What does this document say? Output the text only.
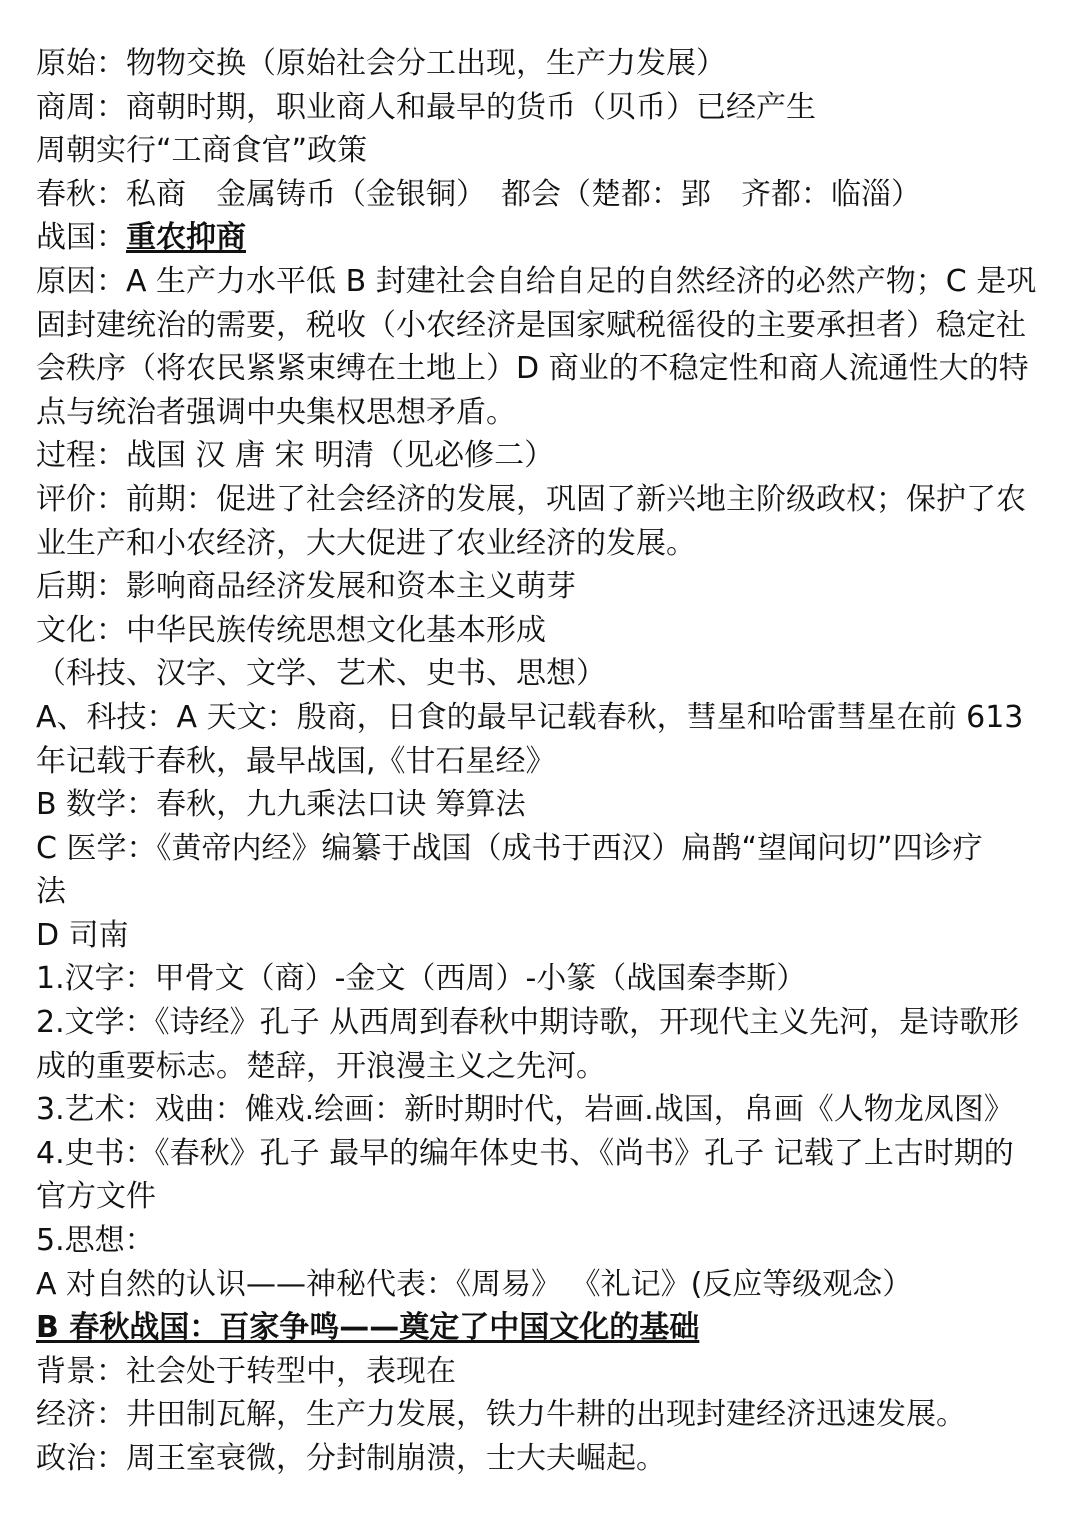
原始：物物交换（原始社会分工出现，生产力发展）
商周：商朝时期，职业商人和最早的货币（贝币）已经产生
周朝实行“工商食官”政策
春秋：私商　金属铸币（金银铜）　都会（楚都：郢　齐都：临淄）
战国：重农抑商
原因：A 生产力水平低 B 封建社会自给自足的自然经济的必然产物；C 是巩
固封建统治的需要，税收（小农经济是国家赋税徭役的主要承担者）稳定社
会秩序（将农民紧紧束缚在土地上）D 商业的不稳定性和商人流通性大的特
点与统治者强调中央集权思想矛盾。
过程：战国 汉 唐 宋 明清（见必修二）
评价：前期：促进了社会经济的发展，巩固了新兴地主阶级政权；保护了农
业生产和小农经济，大大促进了农业经济的发展。
后期：影响商品经济发展和资本主义萌芽
文化：中华民族传统思想文化基本形成
（科技、汉字、文学、艺术、史书、思想）
A、科技：A 天文：殷商，日食的最早记载春秋，彗星和哈雷彗星在前 613
年记载于春秋，最早战国,《甘石星经》
B 数学：春秋，九九乘法口诀 筹算法
C 医学：《黄帝内经》编纂于战国（成书于西汉）扁鹊“望闻问切”四诊疗
法
D 司南
1.汉字：甲骨文（商）-金文（西周）-小篆（战国秦李斯）
2.文学：《诗经》孔子 从西周到春秋中期诗歌，开现代主义先河，是诗歌形
成的重要标志。楚辞，开浪漫主义之先河。
3.艺术：戏曲：傩戏.绘画：新时期时代，岩画.战国，帛画《人物龙凤图》
4.史书：《春秋》孔子 最早的编年体史书、《尚书》孔子 记载了上古时期的
官方文件
5.思想：
A 对自然的认识——神秘代表：《周易》 《礼记》(反应等级观念）
B 春秋战国：百家争鸣——奠定了中国文化的基础
背景：社会处于转型中，表现在
经济：井田制瓦解，生产力发展，铁力牛耕的出现封建经济迅速发展。
政治：周王室衰微，分封制崩溃，士大夫崛起。
